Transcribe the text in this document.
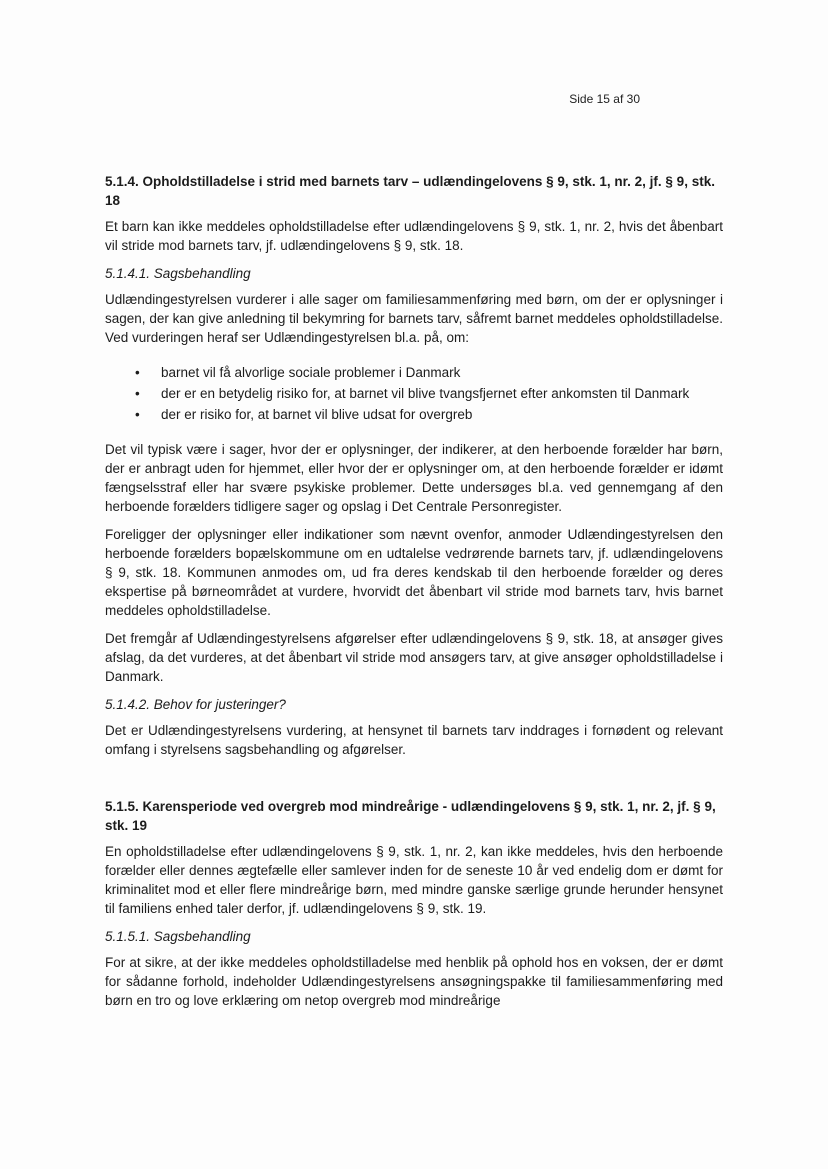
Side 15 af 30
5.1.4. Opholdstilladelse i strid med barnets tarv – udlændingelovens § 9, stk. 1, nr. 2, jf. § 9, stk. 18

Et barn kan ikke meddeles opholdstilladelse efter udlændingelovens § 9, stk. 1, nr. 2, hvis det åbenbart vil stride mod barnets tarv, jf. udlændingelovens § 9, stk. 18.

5.1.4.1. Sagsbehandling

Udlændingestyrelsen vurderer i alle sager om familiesammenføring med børn, om der er oplysninger i sagen, der kan give anledning til bekymring for barnets tarv, såfremt barnet meddeles opholdstilladelse. Ved vurderingen heraf ser Udlændingestyrelsen bl.a. på, om:

•	barnet vil få alvorlige sociale problemer i Danmark
•	der er en betydelig risiko for, at barnet vil blive tvangsfjernet efter ankomsten til Danmark
•	der er risiko for, at barnet vil blive udsat for overgreb

Det vil typisk være i sager, hvor der er oplysninger, der indikerer, at den herboende forælder har børn, der er anbragt uden for hjemmet, eller hvor der er oplysninger om, at den herboende forælder er idømt fængselsstraf eller har svære psykiske problemer. Dette undersøges bl.a. ved gennemgang af den herboende forælders tidligere sager og opslag i Det Centrale Personregister.

Foreligger der oplysninger eller indikationer som nævnt ovenfor, anmoder Udlændingestyrelsen den herboende forælders bopælskommune om en udtalelse vedrørende barnets tarv, jf. udlændingelovens § 9, stk. 18. Kommunen anmodes om, ud fra deres kendskab til den herboende forælder og deres ekspertise på børneområdet at vurdere, hvorvidt det åbenbart vil stride mod barnets tarv, hvis barnet meddeles opholdstilladelse.

Det fremgår af Udlændingestyrelsens afgørelser efter udlændingelovens § 9, stk. 18, at ansøger gives afslag, da det vurderes, at det åbenbart vil stride mod ansøgers tarv, at give ansøger opholdstilladelse i Danmark.

5.1.4.2. Behov for justeringer?

Det er Udlændingestyrelsens vurdering, at hensynet til barnets tarv inddrages i fornødent og relevant omfang i styrelsens sagsbehandling og afgørelser.

5.1.5. Karensperiode ved overgreb mod mindreårige - udlændingelovens § 9, stk. 1, nr. 2, jf. § 9, stk. 19

En opholdstilladelse efter udlændingelovens § 9, stk. 1, nr. 2, kan ikke meddeles, hvis den herboende forælder eller dennes ægtefælle eller samlever inden for de seneste 10 år ved endelig dom er dømt for kriminalitet mod et eller flere mindreårige børn, med mindre ganske særlige grunde herunder hensynet til familiens enhed taler derfor, jf. udlændingelovens § 9, stk. 19.

5.1.5.1. Sagsbehandling

For at sikre, at der ikke meddeles opholdstilladelse med henblik på ophold hos en voksen, der er dømt for sådanne forhold, indeholder Udlændingestyrelsens ansøgningspakke til familiesammenføring med børn en tro og love erklæring om netop overgreb mod mindreårige
